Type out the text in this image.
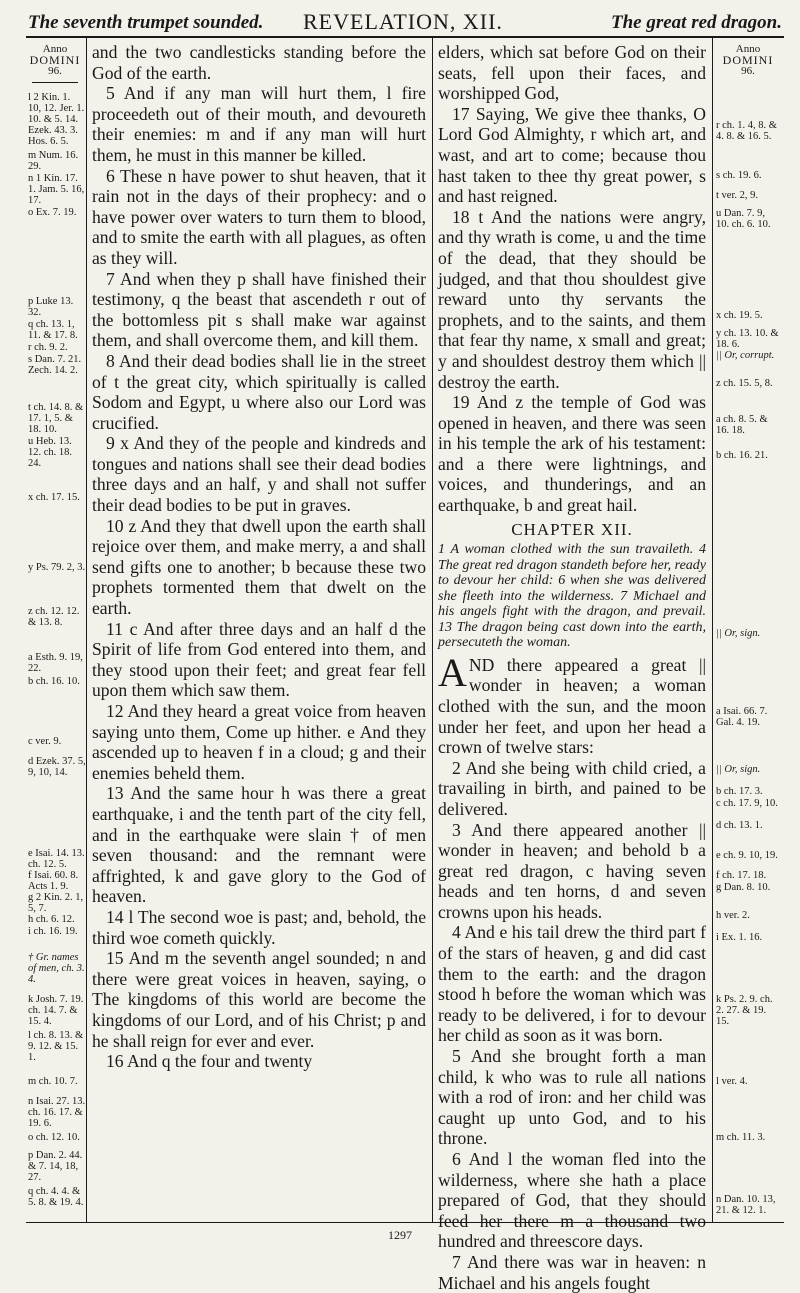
The seventh trumpet sounded. REVELATION, XII.	The great red dragon.
Anno
DOMINI
96.
l 2 Kin. 1. 10, 12. Jer. 1. 10. & 5. 14. Ezek. 43. 3. Hos. 6. 5.
m Num. 16. 29.
n 1 Kin. 17. 1. Jam. 5. 16, 17.
o Ex. 7. 19.
p Luke 13. 32.
q ch. 13. 1, 11. & 17. 8.
r ch. 9. 2.
s Dan. 7. 21. Zech. 14. 2.
t ch. 14. 8. & 17. 1, 5. & 18. 10.
u Heb. 13. 12. ch. 18. 24.
x ch. 17. 15.
y Ps. 79. 2, 3.
z ch. 12. 12. & 13. 8.
a Esth. 9. 19, 22.
b ch. 16. 10.
c ver. 9.
d Ezek. 37. 5, 9, 10, 14.
e Isai. 14. 13. ch. 12. 5.
f Isai. 60. 8. Acts 1. 9.
g 2 Kin. 2. 1, 5, 7.
h ch. 6. 12.
i ch. 16. 19.
† Gr. names of men, ch. 3. 4.
k Josh. 7. 19. ch. 14. 7. & 15. 4.
l ch. 8. 13. & 9. 12. & 15. 1.
m ch. 10. 7.
n Isai. 27. 13. ch. 16. 17. & 19. 6.
o ch. 12. 10.
p Dan. 2. 44. & 7. 14, 18, 27.
q ch. 4. 4. & 5. 8. & 19. 4.

and the two candlesticks standing before the God of the earth.

5 And if any man will hurt them, l fire proceedeth out of their mouth, and devoureth their enemies: m and if any man will hurt them, he must in this manner be killed.

6 These n have power to shut heaven, that it rain not in the days of their prophecy: and o have power over waters to turn them to blood, and to smite the earth with all plagues, as often as they will.

7 And when they p shall have finished their testimony, q the beast that ascendeth r out of the bottomless pit s shall make war against them, and shall overcome them, and kill them.

8 And their dead bodies shall lie in the street of t the great city, which spiritually is called Sodom and Egypt, u where also our Lord was crucified.

9 x And they of the people and kindreds and tongues and nations shall see their dead bodies three days and an half, y and shall not suffer their dead bodies to be put in graves.

10 z And they that dwell upon the earth shall rejoice over them, and make merry, a and shall send gifts one to another; b because these two prophets tormented them that dwelt on the earth.

11 c And after three days and an half d the Spirit of life from God entered into them, and they stood upon their feet; and great fear fell upon them which saw them.

12 And they heard a great voice from heaven saying unto them, Come up hither. e And they ascended up to heaven f in a cloud; g and their enemies beheld them.

13 And the same hour h was there a great earthquake, i and the tenth part of the city fell, and in the earthquake were slain † of men seven thousand: and the remnant were affrighted, k and gave glory to the God of heaven.

14 l The second woe is past; and, behold, the third woe cometh quickly.

15 And m the seventh angel sounded; n and there were great voices in heaven, saying, o The kingdoms of this world are become the kingdoms of our Lord, and of his Christ; p and he shall reign for ever and ever.

16 And q the four and twenty

elders, which sat before God on their seats, fell upon their faces, and worshipped God,

17 Saying, We give thee thanks, O Lord God Almighty, r which art, and wast, and art to come; because thou hast taken to thee thy great power, s and hast reigned.

18 t And the nations were angry, and thy wrath is come, u and the time of the dead, that they should be judged, and that thou shouldest give reward unto thy servants the prophets, and to the saints, and them that fear thy name, x small and great; y and shouldest destroy them which || destroy the earth.

19 And z the temple of God was opened in heaven, and there was seen in his temple the ark of his testament: and a there were lightnings, and voices, and thunderings, and an earthquake, b and great hail.

CHAPTER XII.
1 A woman clothed with the sun travaileth. 4 The great red dragon standeth before her, ready to devour her child: 6 when she was delivered she fleeth into the wilderness. 7 Michael and his angels fight with the dragon, and prevail. 13 The dragon being cast down into the earth, persecuteth the woman.

AND there appeared a great || wonder in heaven; a woman clothed with the sun, and the moon under her feet, and upon her head a crown of twelve stars:

2 And she being with child cried, a travailing in birth, and pained to be delivered.

3 And there appeared another || wonder in heaven; and behold b a great red dragon, c having seven heads and ten horns, d and seven crowns upon his heads.

4 And e his tail drew the third part f of the stars of heaven, g and did cast them to the earth: and the dragon stood h before the woman which was ready to be delivered, i for to devour her child as soon as it was born.

5 And she brought forth a man child, k who was to rule all nations with a rod of iron: and her child was caught up unto God, and to his throne.

6 And l the woman fled into the wilderness, where she hath a place prepared of God, that they should feed her there m a thousand two hundred and threescore days.

7 And there was war in heaven: n Michael and his angels fought

Anno
DOMINI
96.
r ch. 1. 4, 8. & 4. 8. & 16. 5.
s ch. 19. 6.
t ver. 2, 9.
u Dan. 7. 9, 10. ch. 6. 10.
x ch. 19. 5.
y ch. 13. 10. & 18. 6.
|| Or, corrupt.
z ch. 15. 5, 8.
a ch. 8. 5. & 16. 18.
b ch. 16. 21.
|| Or, sign.
a Isai. 66. 7. Gal. 4. 19.
|| Or, sign.
b ch. 17. 3.
c ch. 17. 9, 10.
d ch. 13. 1.
e ch. 9. 10, 19.
f ch. 17. 18.
g Dan. 8. 10.
h ver. 2.
i Ex. 1. 16.
k Ps. 2. 9. ch. 2. 27. & 19. 15.
l ver. 4.
m ch. 11. 3.
n Dan. 10. 13, 21. & 12. 1.
1297
